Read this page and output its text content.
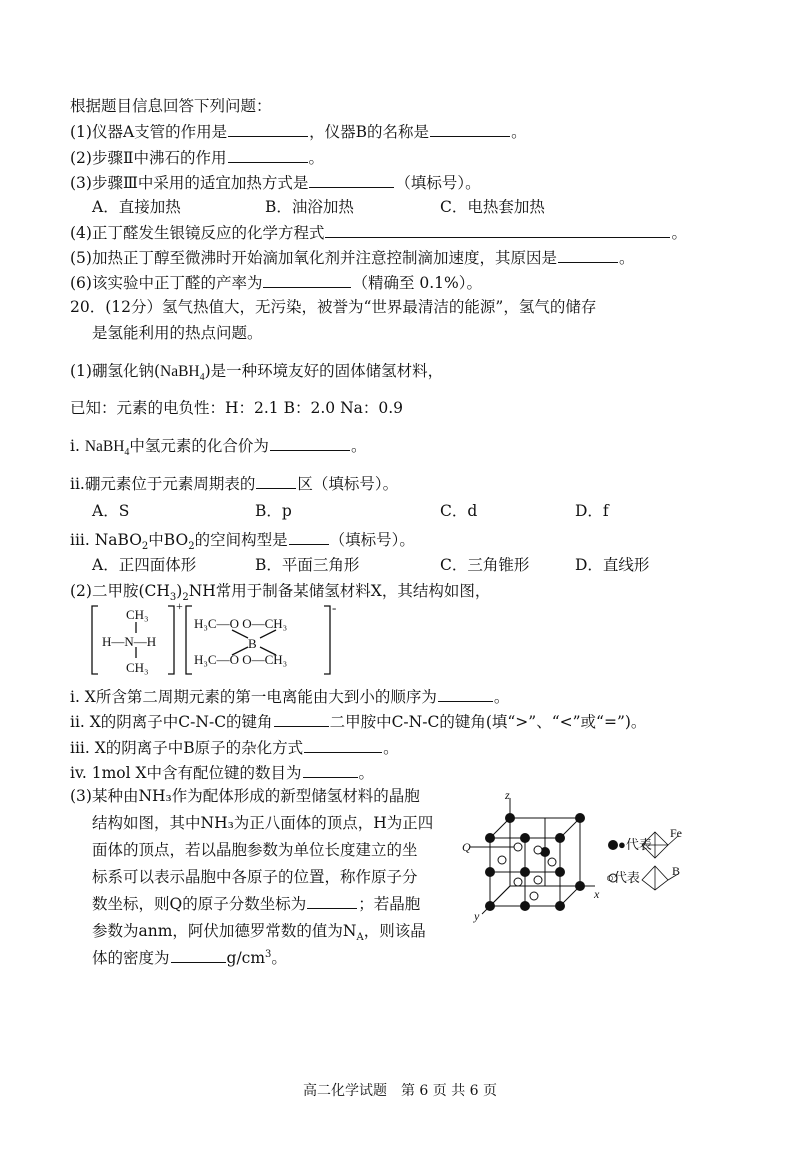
根据题目信息回答下列问题：
(1)仪器A支管的作用是	，仪器B的名称是	。
(2)步骤Ⅱ中沸石的作用	。
(3)步骤Ⅲ中采用的适宜加热方式是	（填标号）。
A．直接加热	B．油浴加热	C．电热套加热
(4)正丁醛发生银镜反应的化学方程式	。
(5)加热正丁醇至微沸时开始滴加氧化剂并注意控制滴加速度，其原因是	。
(6)该实验中正丁醛的产率为	（精确至 0.1%）。
20．(12分）氢气热值大，无污染，被誉为“世界最清洁的能源”，氢气的储存
是氢能利用的热点问题。
(1)硼氢化钠(NaBH$_4$)是一种环境友好的固体储氢材料，
已知：元素的电负性：H：2.1 B：2.0 Na：0.9
i. NaBH$_4$中氢元素的化合价为	。
ii.硼元素位于元素周期表的	区（填标号）。
A．S	B．p	C．d	D．f
iii. NaBO$_2$中$BO_2$的空间构型是	（填标号）。
A．正四面体形	B．平面三角形	C．三角锥形	D．直线形
(2)二甲胺$(CH_3)_2NH$常用于制备某储氢材料X，其结构如图，
CH₃
H—N—H
CH₃
+	-
H₃C—O O—CH₃
B
H₃C—O O—CH₃
i. X所含第二周期元素的第一电离能由大到小的顺序为	。
ii. X的阴离子中C-N-C的键角	二甲胺中C-N-C的键角(填“>”、“<”或“=”)。
iii. X的阴离子中B原子的杂化方式	。
iv. 1mol X中含有配位键的数目为	。
(3)某种由NH₃作为配体形成的新型储氢材料的晶胞
结构如图，其中NH₃为正八面体的顶点，H为正四
面体的顶点，若以晶胞参数为单位长度建立的坐
标系可以表示晶胞中各原子的位置，称作原子分
数坐标，则Q的原子分数坐标为	；若晶胞
参数为anm，阿伏加德罗常数的值为$N_A$，则该晶
体的密度为	$g/cm^3$。
z
x
y
Q	●代表
○代表
Fe
B
高二化学试题　第 6 页 共 6 页
